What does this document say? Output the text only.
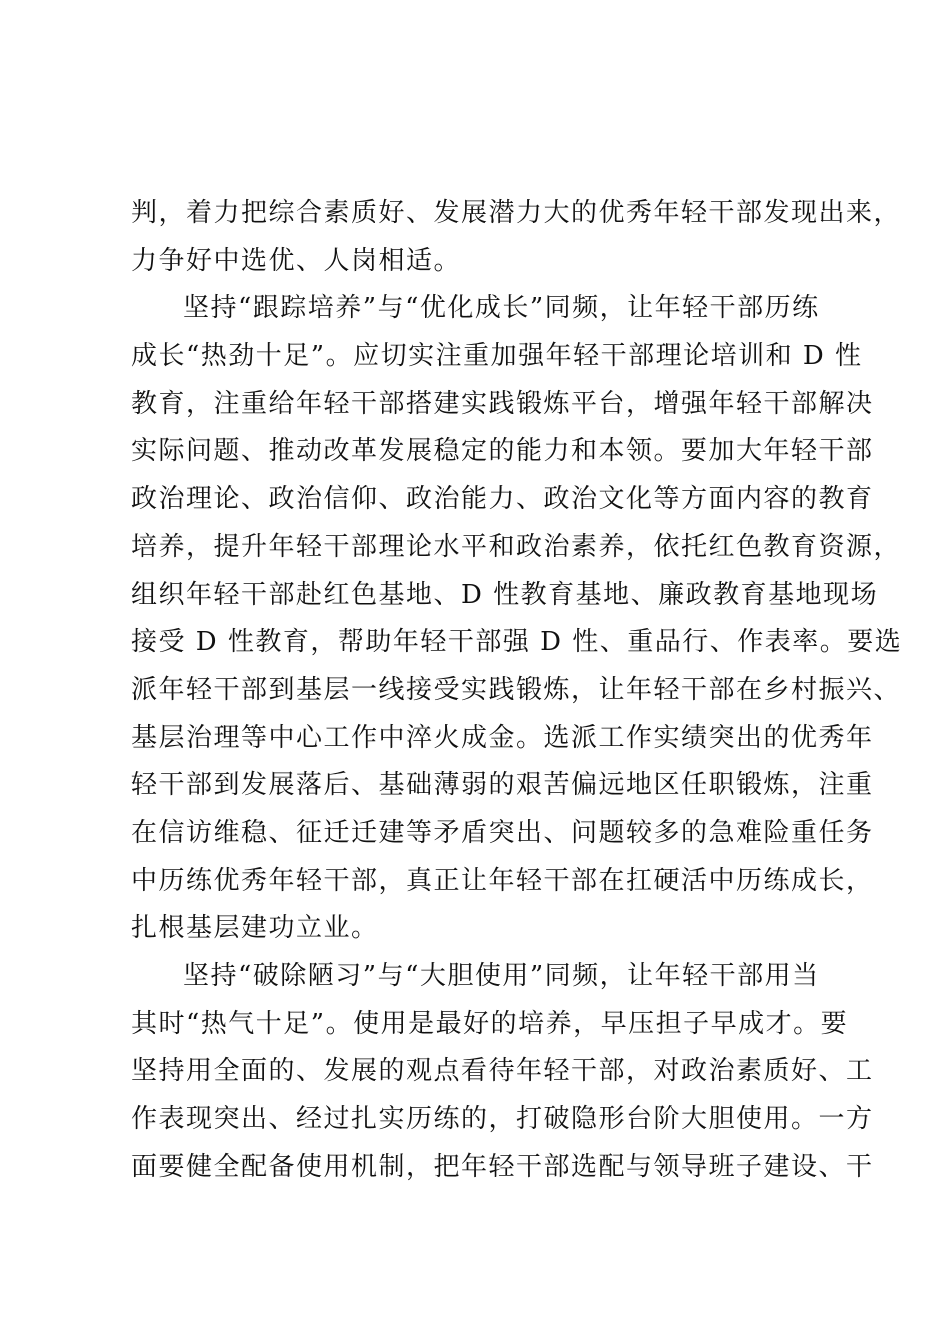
判，着力把综合素质好、发展潜力大的优秀年轻干部发现出来，
力争好中选优、人岗相适。
坚持“跟踪培养”与“优化成长”同频，让年轻干部历练
成长“热劲十足”。应切实注重加强年轻干部理论培训和 D 性
教育，注重给年轻干部搭建实践锻炼平台，增强年轻干部解决
实际问题、推动改革发展稳定的能力和本领。要加大年轻干部
政治理论、政治信仰、政治能力、政治文化等方面内容的教育
培养，提升年轻干部理论水平和政治素养，依托红色教育资源，
组织年轻干部赴红色基地、D 性教育基地、廉政教育基地现场
接受 D 性教育，帮助年轻干部强 D 性、重品行、作表率。要选
派年轻干部到基层一线接受实践锻炼，让年轻干部在乡村振兴、
基层治理等中心工作中淬火成金。选派工作实绩突出的优秀年
轻干部到发展落后、基础薄弱的艰苦偏远地区任职锻炼，注重
在信访维稳、征迁迁建等矛盾突出、问题较多的急难险重任务
中历练优秀年轻干部，真正让年轻干部在扛硬活中历练成长，
扎根基层建功立业。
坚持“破除陋习”与“大胆使用”同频，让年轻干部用当
其时“热气十足”。使用是最好的培养，早压担子早成才。要
坚持用全面的、发展的观点看待年轻干部，对政治素质好、工
作表现突出、经过扎实历练的，打破隐形台阶大胆使用。一方
面要健全配备使用机制，把年轻干部选配与领导班子建设、干
